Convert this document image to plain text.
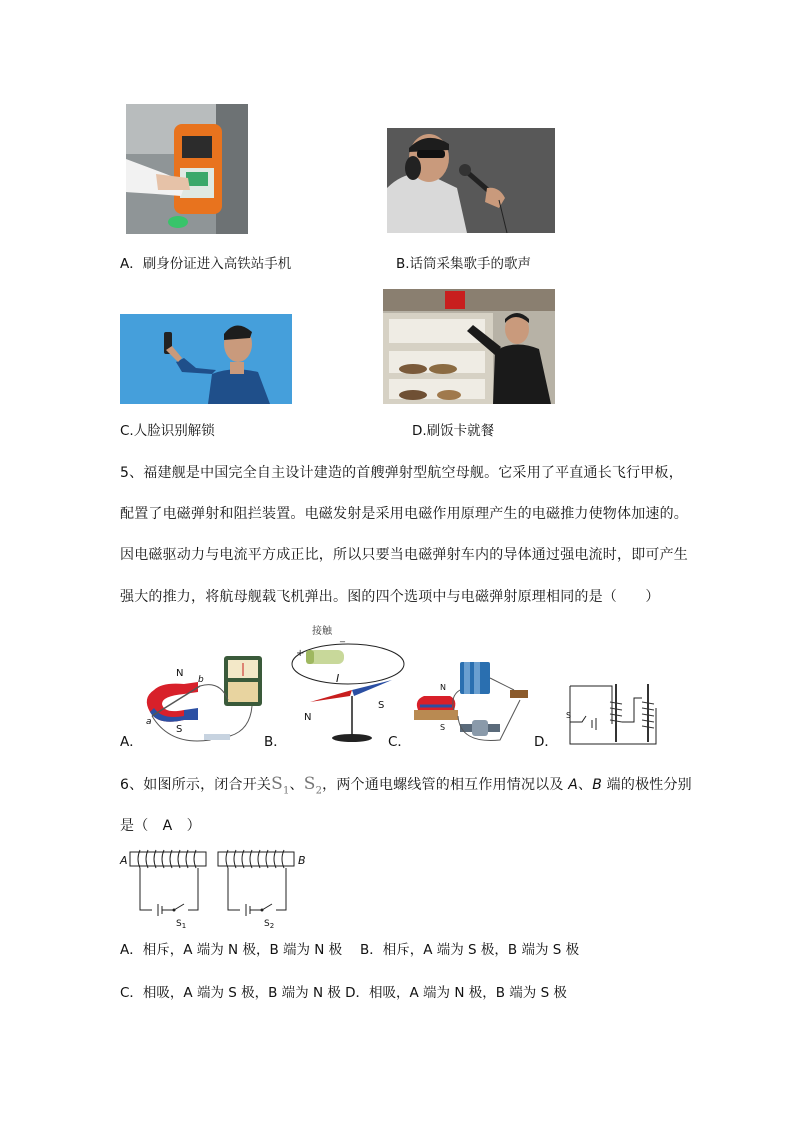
A．刷身份证进入高铁站手机	B.话筒采集歌手的歌声
C.人脸识别解锁	D.刷饭卡就餐
5、福建舰是中国完全自主设计建造的首艘弹射型航空母舰。它采用了平直通长飞行甲板，
配置了电磁弹射和阻拦装置。电磁发射是采用电磁作用原理产生的电磁推力使物体加速的。
因电磁驱动力与电流平方成正比，所以只要当电磁弹射车内的导体通过强电流时，即可产生
强大的推力，将航母舰载飞机弹出。图的四个选项中与电磁弹射原理相同的是（　　）
N
S
b
a
A．
接触
_
+
I
N
S
B．
N
S
C．
S
D．
6、如图所示，闭合开关$S_1$、$S_2$，两个通电螺线管的相互作用情况以及 A、B 端的极性分别
是（　A　）
A	B
$S_1$	$S_2$
A．相斥，A 端为 N 极，B 端为 N 极　 B．相斥，A 端为 S 极，B 端为 S 极
C．相吸，A 端为 S 极，B 端为 N 极 D．相吸，A 端为 N 极，B 端为 S 极
